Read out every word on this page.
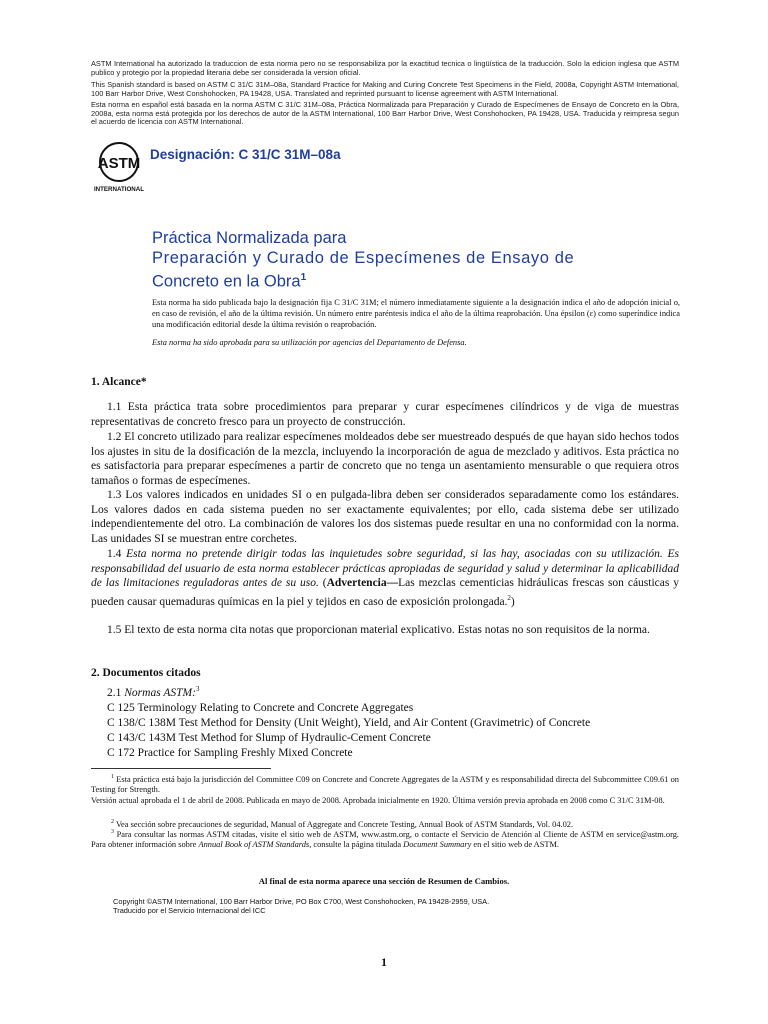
ASTM International ha autorizado la traduccion de esta norma pero no se responsabiliza por la exactitud tecnica o lingüística de la traducción. Solo la edicion inglesa que ASTM publico y protegio por la propiedad literaria debe ser considerada la version oficial.
This Spanish standard is based on ASTM C 31/C 31M–08a, Standard Practice for Making and Curing Concrete Test Specimens in the Field, 2008a, Copyright ASTM International, 100 Barr Harbor Drive, West Conshohocken, PA 19428, USA. Translated and reprinted pursuant to license agreement with ASTM International.
Esta norma en español está basada en la norma ASTM C 31/C 31M–08a, Práctica Normalizada para Preparación y Curado de Especímenes de Ensayo de Concreto en la Obra, 2008a, esta norma está protegida por los derechos de autor de la ASTM International, 100 Barr Harbor Drive, West Conshohocken, PA 19428, USA. Traducida y reimpresa segun el acuerdo de licencia con ASTM International.
ASTM
INTERNATIONAL
Designación: C 31/C 31M–08a
Práctica Normalizada para
Preparación y Curado de Especímenes de Ensayo de
Concreto en la Obra$^1$
Esta norma ha sido publicada bajo la designación fija C 31/C 31M; el número inmediatamente siguiente a la designación indica el año de adopción inicial o, en caso de revisión, el año de la última revisión. Un número entre paréntesis indica el año de la última reaprobación. Una épsilon (ε) como superíndice indica una modificación editorial desde la última revisión o reaprobación.
Esta norma ha sido aprobada para su utilización por agencias del Departamento de Defensa.
1. Alcance*
1.1 Esta práctica trata sobre procedimientos para preparar y curar especímenes cilíndricos y de viga de muestras representativas de concreto fresco para un proyecto de construcción.
1.2 El concreto utilizado para realizar especímenes moldeados debe ser muestreado después de que hayan sido hechos todos los ajustes in situ de la dosificación de la mezcla, incluyendo la incorporación de agua de mezclado y aditivos. Esta práctica no es satisfactoria para preparar especímenes a partir de concreto que no tenga un asentamiento mensurable o que requiera otros tamaños o formas de especímenes.
1.3 Los valores indicados en unidades SI o en pulgada-libra deben ser considerados separadamente como los estándares. Los valores dados en cada sistema pueden no ser exactamente equivalentes; por ello, cada sistema debe ser utilizado independientemente del otro. La combinación de valores los dos sistemas puede resultar en una no conformidad con la norma. Las unidades SI se muestran entre corchetes.
1.4 Esta norma no pretende dirigir todas las inquietudes sobre seguridad, si las hay, asociadas con su utilización. Es responsabilidad del usuario de esta norma establecer prácticas apropiadas de seguridad y salud y determinar la aplicabilidad de las limitaciones reguladoras antes de su uso. (Advertencia—Las mezclas cementicias hidráulicas frescas son cáusticas y pueden causar quemaduras químicas en la piel y tejidos en caso de exposición prolongada.$^2$)
1.5 El texto de esta norma cita notas que proporcionan material explicativo. Estas notas no son requisitos de la norma.
2. Documentos citados
2.1 Normas ASTM:$^3$
C 125 Terminology Relating to Concrete and Concrete Aggregates
C 138/C 138M Test Method for Density (Unit Weight), Yield, and Air Content (Gravimetric) of Concrete
C 143/C 143M Test Method for Slump of Hydraulic-Cement Concrete
C 172 Practice for Sampling Freshly Mixed Concrete
$^1$ Esta práctica está bajo la jurisdicción del Committee C09 on Concrete and Concrete Aggregates de la ASTM y es responsabilidad directa del Subcommittee C09.61 on Testing for Strength.
Versión actual aprobada el 1 de abril de 2008. Publicada en mayo de 2008. Aprobada inicialmente en 1920. Última versión previa aprobada en 2008 como C 31/C 31M-08.
$^2$ Vea sección sobre precauciones de seguridad, Manual of Aggregate and Concrete Testing, Annual Book of ASTM Standards, Vol. 04.02.
$^3$ Para consultar las normas ASTM citadas, visite el sitio web de ASTM, www.astm.org, o contacte el Servicio de Atención al Cliente de ASTM en service@astm.org. Para obtener información sobre Annual Book of ASTM Standards, consulte la página titulada Document Summary en el sitio web de ASTM.
Al final de esta norma aparece una sección de Resumen de Cambios.
Copyright ©ASTM International, 100 Barr Harbor Drive, PO Box C700, West Conshohocken, PA 19428-2959, USA.
Traducido por el Servicio Internacional del ICC
1
